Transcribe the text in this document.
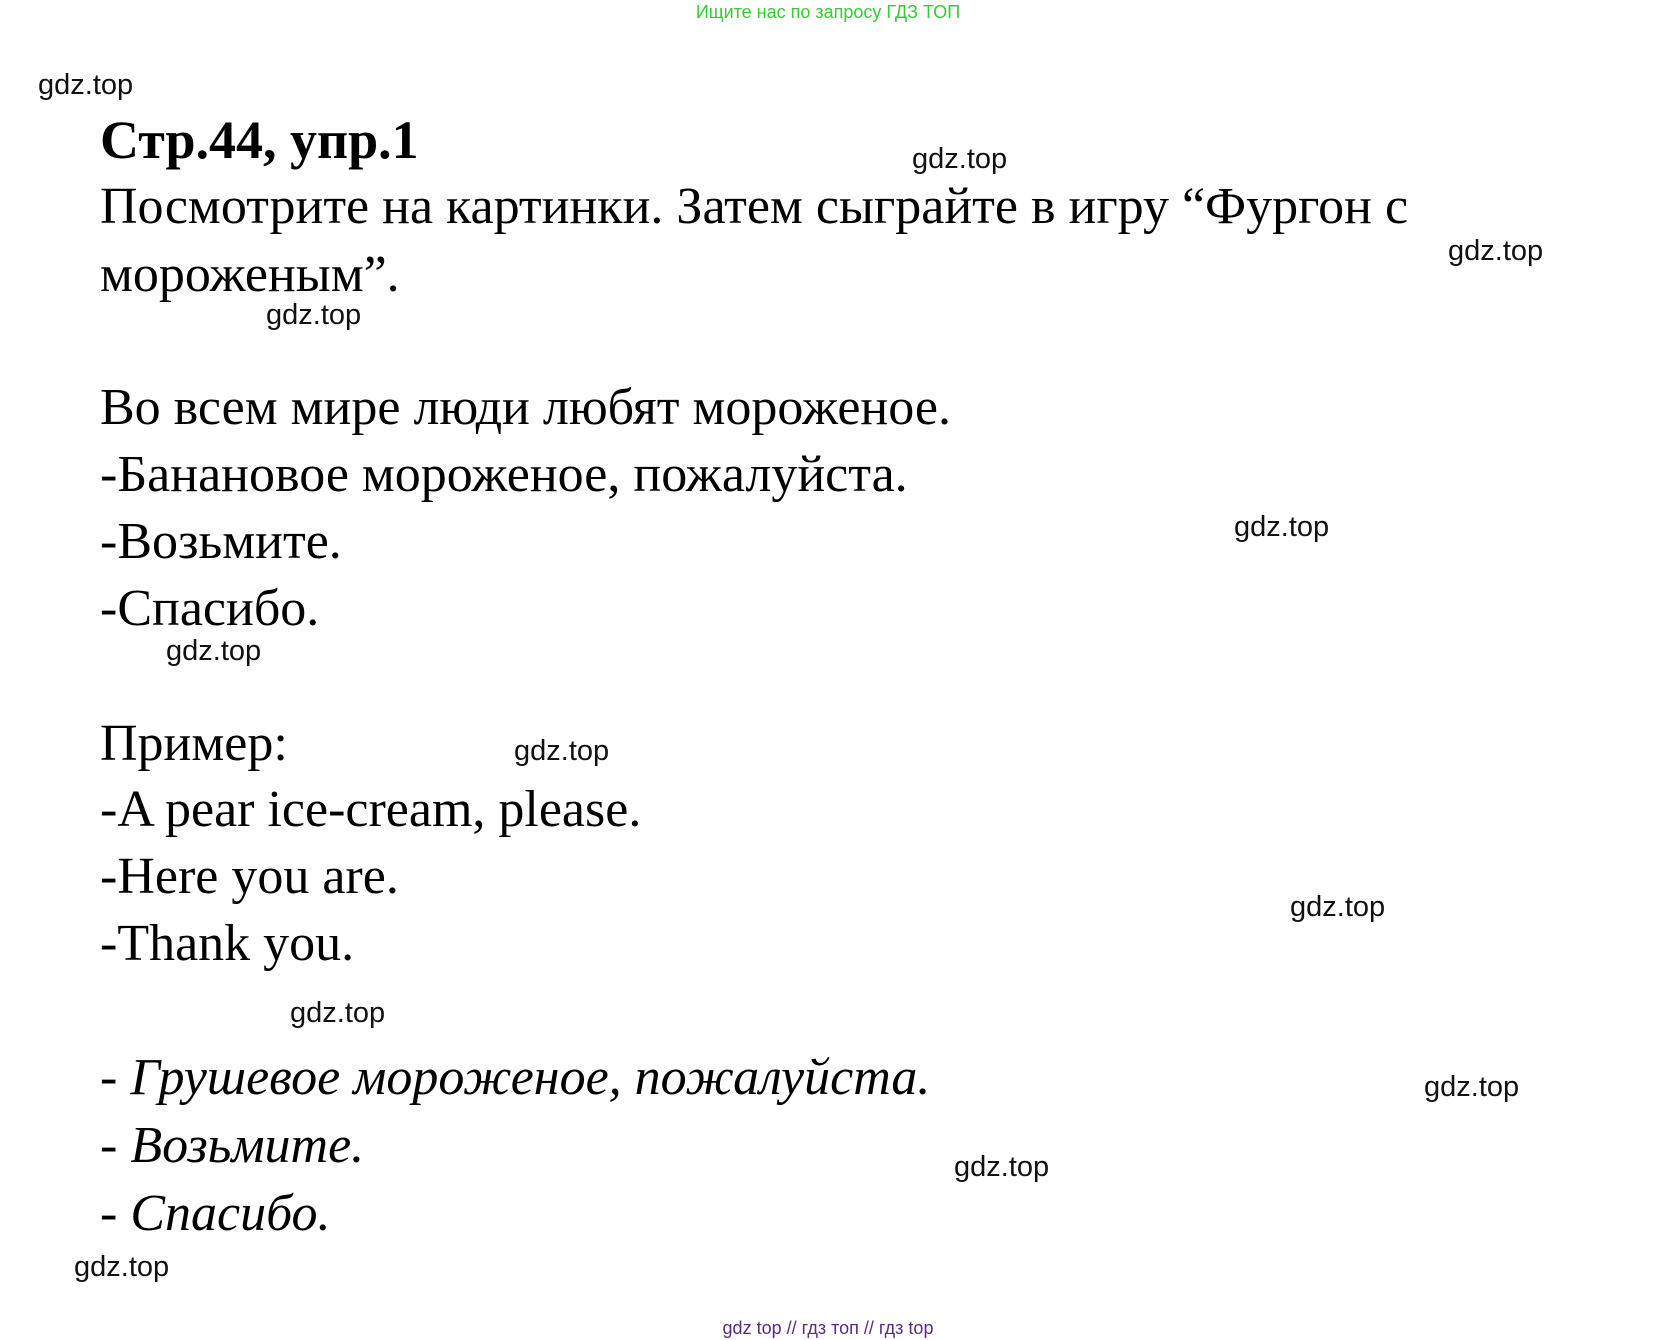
Ищите нас по запросу ГДЗ ТОП
gdz.top
gdz.top
gdz.top
gdz.top
gdz.top
gdz.top
gdz.top
gdz.top
gdz.top
gdz.top
gdz.top
gdz.top
Стр.44, упр.1
Посмотрите на картинки. Затем сыграйте в игру “Фургон с
мороженым”.
Во всем мире люди любят мороженое.
-Банановое мороженое, пожалуйста.
-Возьмите.
-Спасибо.
Пример:
-A pear ice-cream, please.
-Here you are.
-Thank you.
- Грушевое мороженое, пожалуйста.
- Возьмите.
- Спасибо.
gdz top // гдз топ // гдз top
